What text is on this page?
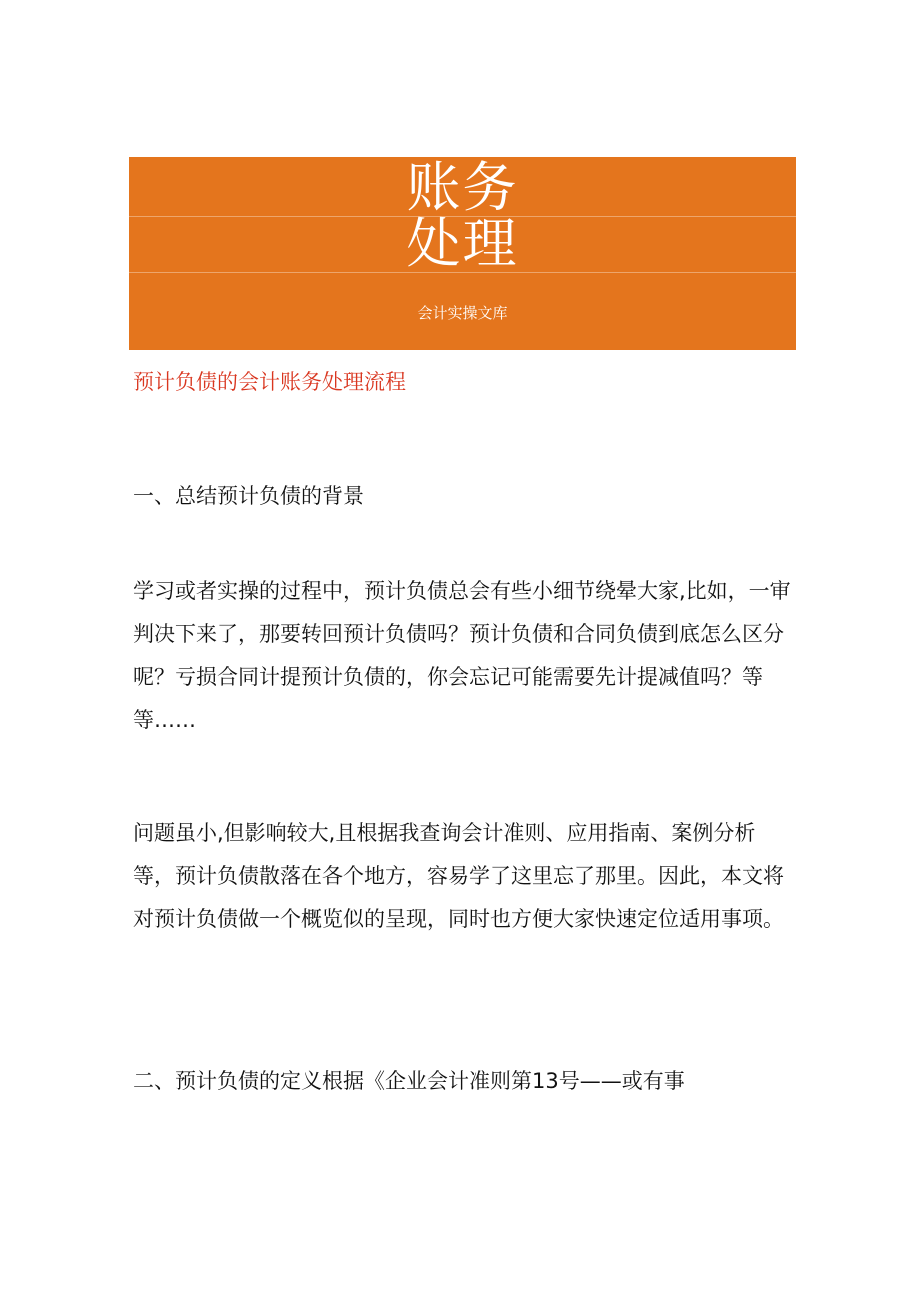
账务
处理
会计实操文库
预计负债的会计账务处理流程
一、总结预计负债的背景
学习或者实操的过程中，预计负债总会有些小细节绕晕大家,比如，一审判决下来了，那要转回预计负债吗？预计负债和合同负债到底怎么区分呢？亏损合同计提预计负债的，你会忘记可能需要先计提减值吗？等等……
问题虽小,但影响较大,且根据我查询会计准则、应用指南、案例分析等，预计负债散落在各个地方，容易学了这里忘了那里。因此，本文将对预计负债做一个概览似的呈现，同时也方便大家快速定位适用事项。
二、预计负债的定义根据《企业会计准则第13号——或有事
